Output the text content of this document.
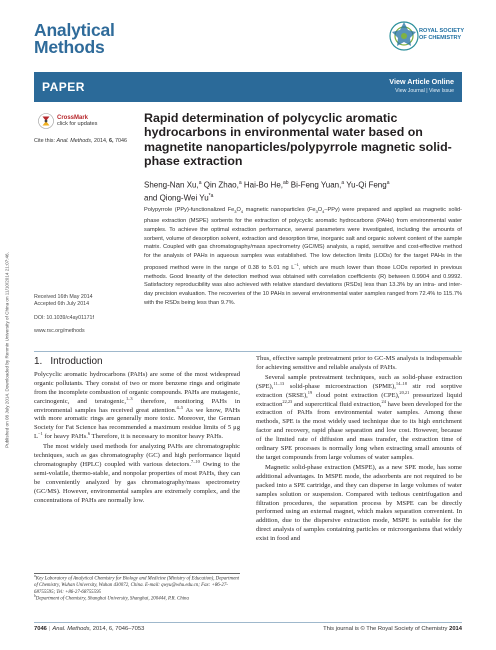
Published on 08 July 2014. Downloaded by Renmin University of China on 11/10/2014 21:07:46.
Analytical
Methods
ROYAL SOCIETY
OF CHEMISTRY
PAPER	View Article Online
View Journal | View Issue
CrossMark
click for updates
Cite this: Anal. Methods, 2014, 6, 7046
Rapid determination of polycyclic aromatic hydrocarbons in environmental water based on magnetite nanoparticles/polypyrrole magnetic solid-phase extraction
Sheng-Nan Xu,$^a$ Qin Zhao,$^a$ Hai-Bo He,$^{ab}$ Bi-Feng Yuan,$^a$ Yu-Qi Feng$^a$
and Qiong-Wei Yu$^{*a}$
Polypyrrole (PPy)-functionalized $Fe_3O_4$ magnetic nanoparticles $(Fe_3O_4-PPy)$ were prepared and applied as magnetic solid-phase extraction (MSPE) sorbents for the extraction of polycyclic aromatic hydrocarbons (PAHs) from environmental water samples. To achieve the optimal extraction performance, several parameters were investigated, including the amounts of sorbent, volume of desorption solvent, extraction and desorption time, inorganic salt and organic solvent content of the sample matrix. Coupled with gas chromatography/mass spectrometry (GC/MS) analysis, a rapid, sensitive and cost-effective method for the analysis of PAHs in aqueous samples was established. The low detection limits (LODs) for the target PAHs in the proposed method were in the range of 0.38 to 5.01 ng $L^{-1}$, which are much lower than those LODs reported in previous methods. Good linearity of the detection method was obtained with correlation coefficients (R) between 0.9904 and 0.9992. Satisfactory reproducibility was also achieved with relative standard deviations (RSDs) less than 13.3% by an intra- and inter-day precision evaluation. The recoveries of the 10 PAHs in several environmental water samples ranged from 72.4% to 115.7% with the RSDs being less than 9.7%.
Received 16th May 2014
Accepted 6th July 2014
DOI: 10.1039/c4ay01171f
www.rsc.org/methods
1. Introduction

Polycyclic aromatic hydrocarbons (PAHs) are some of the most widespread organic pollutants. They consist of two or more benzene rings and originate from the incomplete combustion of organic compounds. PAHs are mutagenic, carcinogenic, and teratogenic,$^{1-3}$ therefore, monitoring PAHs in environmental samples has received great attention.$^{4-5}$ As we know, PAHs with more aromatic rings are generally more toxic. Moreover, the German Society for Fat Science has recommended a maximum residue limits of 5 μg $L^{-1}$ for heavy PAHs.$^6$ Therefore, it is necessary to monitor heavy PAHs.

The most widely used methods for analyzing PAHs are chromatographic techniques, such as gas chromatography (GC) and high performance liquid chromatography (HPLC) coupled with various detectors.$^{7-10}$ Owing to the semi-volatile, thermo-stable, and nonpolar properties of most PAHs, they can be conveniently analyzed by gas chromatography/mass spectrometry (GC/MS). However, environmental samples are extremely complex, and the concentrations of PAHs are normally low.

Thus, effective sample pretreatment prior to GC-MS analysis is indispensable for achieving sensitive and reliable analysis of PAHs.

Several sample pretreatment techniques, such as solid-phase extraction (SPE),$^{11-13}$ solid-phase microextraction (SPME),$^{14-18}$ stir rod sorptive extraction (SRSE),$^{19}$ cloud point extraction (CPE),$^{20,21}$ pressurized liquid extraction$^{22,23}$ and supercritical fluid extraction,$^{24}$ have been developed for the extraction of PAHs from environmental water samples. Among these methods, SPE is the most widely used technique due to its high enrichment factor and recovery, rapid phase separation and low cost. However, because of the limited rate of diffusion and mass transfer, the extraction time of ordinary SPE processes is normally long when extracting small amounts of the target compounds from large volumes of water samples.

Magnetic solid-phase extraction (MSPE), as a new SPE mode, has some additional advantages. In MSPE mode, the adsorbents are not required to be packed into a SPE cartridge, and they can disperse in large volumes of water samples solution or suspension. Compared with tedious centrifugation and filtration procedures, the separation process by MSPE can be directly performed using an external magnet, which makes separation convenient. In addition, due to the dispersive extraction mode, MSPE is suitable for the direct analysis of samples containing particles or microorganisms that widely exist in food and

$^a$Key Laboratory of Analytical Chemistry for Biology and Medicine (Ministry of Education), Department of Chemistry, Wuhan University, Wuhan 430072, China. E-mail: qwyu@whu.edu.cn; Fax: +86-27-68755595; Tel: +86-27-68755595
$^b$Department of Chemistry, Shanghai University, Shanghai, 200444, P.R. China
7046 | Anal. Methods, 2014, 6, 7046–7053	This journal is © The Royal Society of Chemistry 2014
